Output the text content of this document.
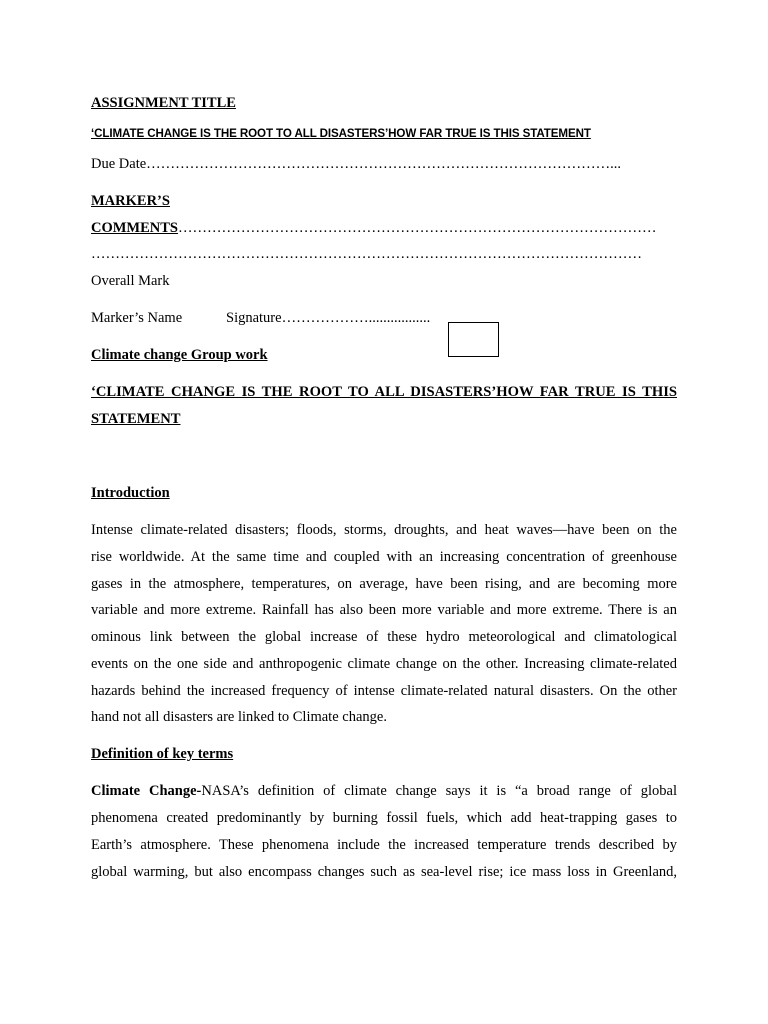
ASSIGNMENT TITLE
‘CLIMATE CHANGE IS THE ROOT TO ALL DISASTERS’HOW FAR TRUE IS THIS STATEMENT
Due Date……………………………………………………………………………………...
MARKER’S
COMMENTS………………………………………………………………………………………
……………………………………………………………………………………………………
Overall Mark
Marker’s Name	Signature……………….................
Climate change Group work
‘CLIMATE CHANGE IS THE ROOT TO ALL DISASTERS’HOW FAR TRUE IS THIS
STATEMENT
Introduction
Intense climate-related disasters; floods, storms, droughts, and heat waves—have been on the
rise worldwide. At the same time and coupled with an increasing concentration of greenhouse
gases in the atmosphere, temperatures, on average, have been rising, and are becoming more
variable and more extreme. Rainfall has also been more variable and more extreme. There is an
ominous link between the global increase of these hydro meteorological and climatological
events on the one side and anthropogenic climate change on the other. Increasing climate-related
hazards behind the increased frequency of intense climate-related natural disasters. On the other
hand not all disasters are linked to Climate change.
Definition of key terms
Climate Change-NASA’s definition of climate change says it is “a broad range of global
phenomena created predominantly by burning fossil fuels, which add heat-trapping gases to
Earth’s atmosphere. These phenomena include the increased temperature trends described by
global warming, but also encompass changes such as sea-level rise; ice mass loss in Greenland,
